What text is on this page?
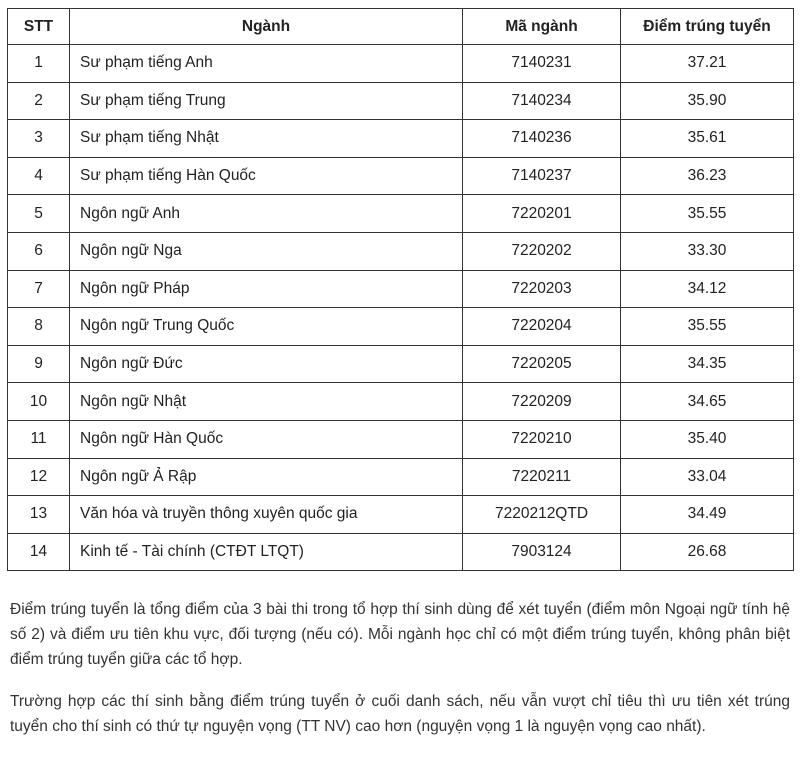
STT	Ngành	Mã ngành	Điểm trúng tuyển
1	Sư phạm tiếng Anh	7140231	37.21
2	Sư phạm tiếng Trung	7140234	35.90
3	Sư phạm tiếng Nhật	7140236	35.61
4	Sư phạm tiếng Hàn Quốc	7140237	36.23
5	Ngôn ngữ Anh	7220201	35.55
6	Ngôn ngữ Nga	7220202	33.30
7	Ngôn ngữ Pháp	7220203	34.12
8	Ngôn ngữ Trung Quốc	7220204	35.55
9	Ngôn ngữ Đức	7220205	34.35
10	Ngôn ngữ Nhật	7220209	34.65
11	Ngôn ngữ Hàn Quốc	7220210	35.40
12	Ngôn ngữ Ả Rập	7220211	33.04
13	Văn hóa và truyền thông xuyên quốc gia	7220212QTD	34.49
14	Kinh tế - Tài chính (CTĐT LTQT)	7903124	26.68

Điểm trúng tuyển là tổng điểm của 3 bài thi trong tổ hợp thí sinh dùng để xét tuyển (điểm môn Ngoại ngữ tính hệ số 2) và điểm ưu tiên khu vực, đối tượng (nếu có). Mỗi ngành học chỉ có một điểm trúng tuyển, không phân biệt điểm trúng tuyển giữa các tổ hợp.

Trường hợp các thí sinh bằng điểm trúng tuyển ở cuối danh sách, nếu vẫn vượt chỉ tiêu thì ưu tiên xét trúng tuyển cho thí sinh có thứ tự nguyện vọng (TT NV) cao hơn (nguyện vọng 1 là nguyện vọng cao nhất).
